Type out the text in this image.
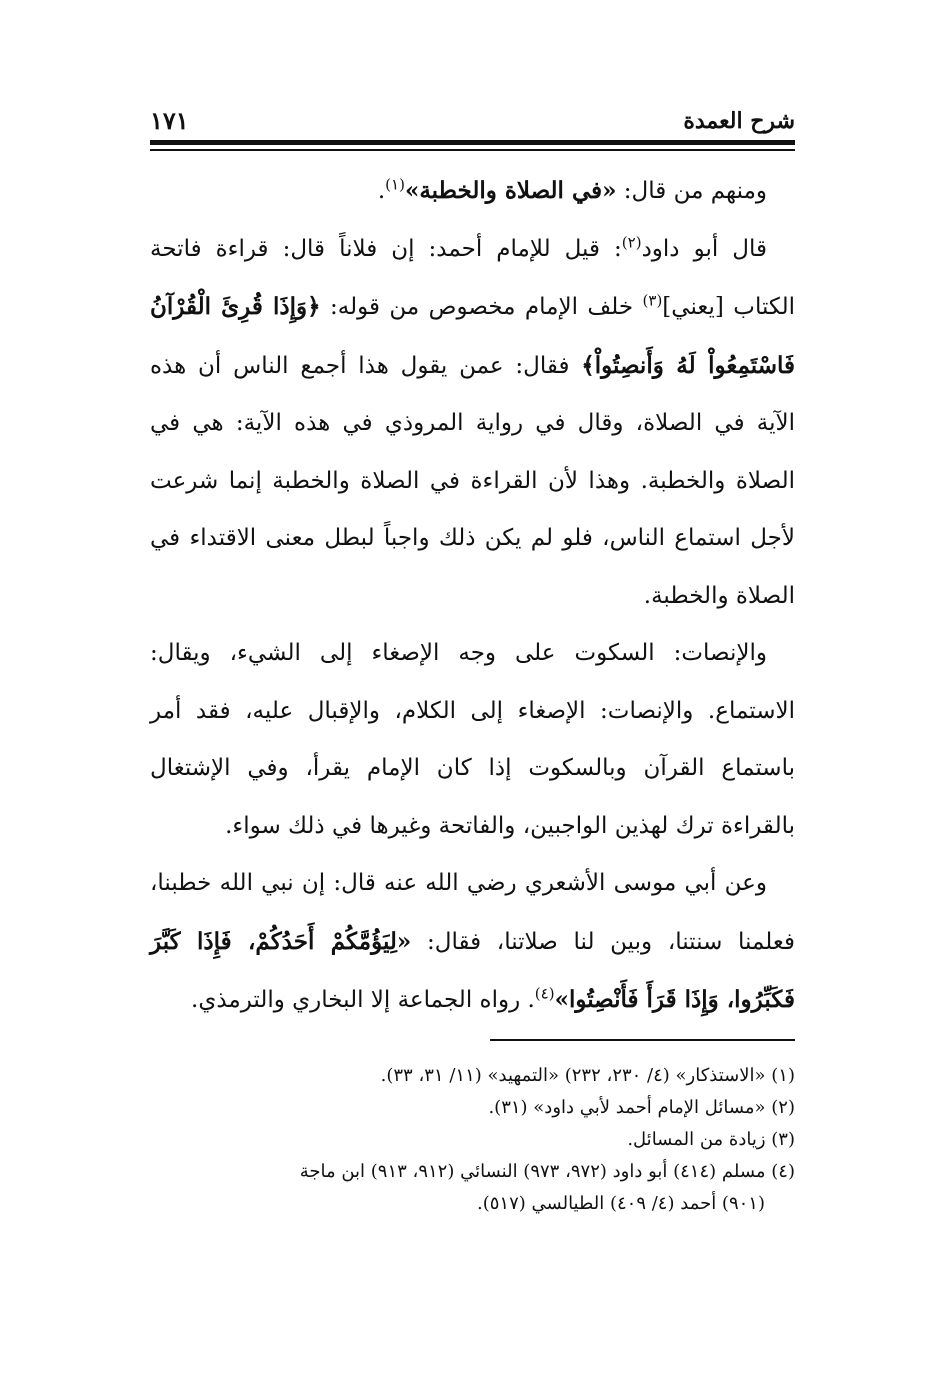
شرح العمدة
١٧١

ومنهم من قال: «في الصلاة والخطبة»$^{(١)}$.

قال أبو داود$^{(٢)}$: قيل للإمام أحمد: إن فلاناً قال: قراءة فاتحة الكتاب [يعني]$^{(٣)}$ خلف الإمام مخصوص من قوله: ﴿وَإِذَا قُرِئَ الْقُرْآنُ فَاسْتَمِعُواْ لَهُ وَأَنصِتُواْ﴾ فقال: عمن يقول هذا أجمع الناس أن هذه الآية في الصلاة، وقال في رواية المروذي في هذه الآية: هي في الصلاة والخطبة. وهذا لأن القراءة في الصلاة والخطبة إنما شرعت لأجل استماع الناس، فلو لم يكن ذلك واجباً لبطل معنى الاقتداء في الصلاة والخطبة.

والإنصات: السكوت على وجه الإصغاء إلى الشيء، ويقال: الاستماع. والإنصات: الإصغاء إلى الكلام، والإقبال عليه، فقد أمر باستماع القرآن وبالسكوت إذا كان الإمام يقرأ، وفي الإشتغال بالقراءة ترك لهذين الواجبين، والفاتحة وغيرها في ذلك سواء.

وعن أبي موسى الأشعري رضي الله عنه قال: إن نبي الله خطبنا، فعلمنا سنتنا، وبين لنا صلاتنا، فقال: «لِيَؤُمَّكُمْ أَحَدُكُمْ، فَإِذَا كَبَّرَ فَكَبِّرُوا، وَإِذَا قَرَأَ فَأَنْصِتُوا»$^{(٤)}$. رواه الجماعة إلا البخاري والترمذي.

(١) «الاستذكار» (٤/ ٢٣٠، ٢٣٢) «التمهيد» (١١/ ٣١، ٣٣).

(٢) «مسائل الإمام أحمد لأبي داود» (٣١).

(٣) زيادة من المسائل.

(٤) مسلم (٤١٤) أبو داود (٩٧٢، ٩٧٣) النسائي (٩١٢، ٩١٣) ابن ماجة

(٩٠١) أحمد (٤/ ٤٠٩) الطيالسي (٥١٧).
